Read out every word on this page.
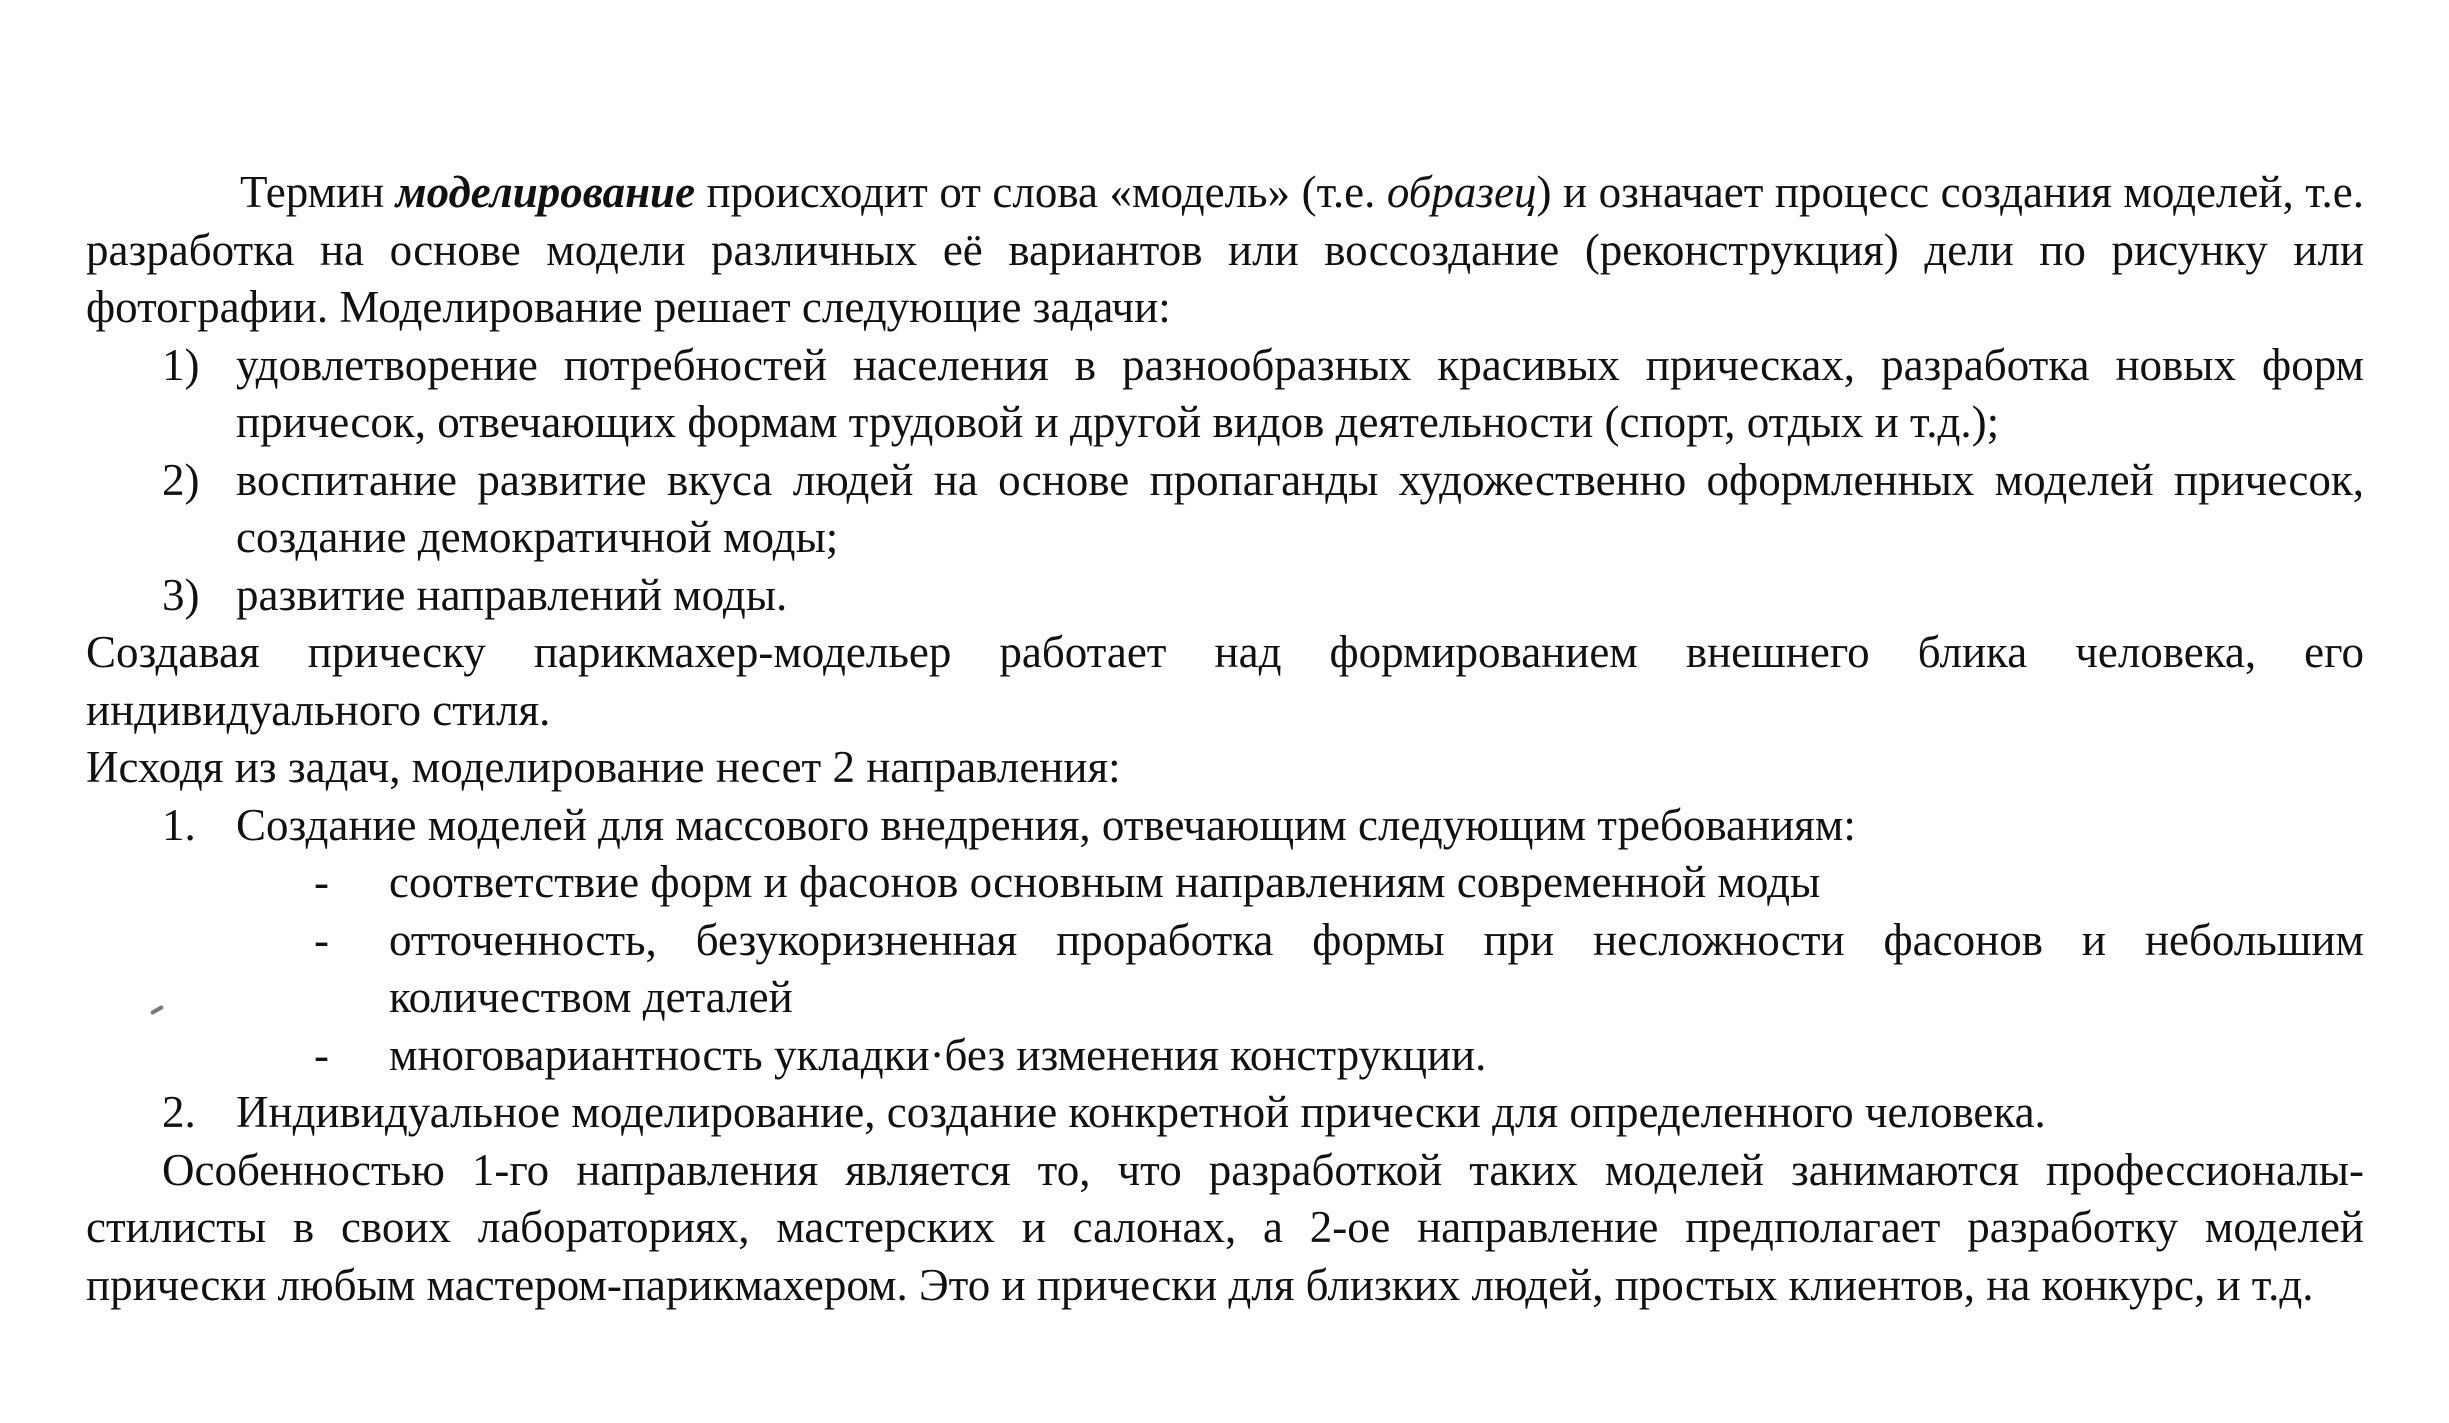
Термин моделирование происходит от слова «модель» (т.е. образец) и означает процесс создания моделей, т.е. разработка на основе модели различных её вариантов или воссоздание (реконструкция) дели по рисунку или фотографии. Моделирование решает следующие задачи:

1) удовлетворение потребностей населения в разнообразных красивых прическах, разработка новых форм причесок, отвечающих формам трудовой и другой видов деятельности (спорт, отдых и т.д.);
2) воспитание развитие вкуса людей на основе пропаганды художественно оформленных моделей причесок, создание демократичной моды;
3) развитие направлений моды.

Создавая прическу парикмахер-модельер работает над формированием внешнего блика человека, его индивидуального стиля.

Исходя из задач, моделирование несет 2 направления:

1. Создание моделей для массового внедрения, отвечающим следующим требованиям:
- соответствие форм и фасонов основным направлениям современной моды
- отточенность, безукоризненная проработка формы при несложности фасонов и небольшим количеством деталей
- многовариантность укладки·без изменения конструкции.
2. Индивидуальное моделирование, создание конкретной прически для определенного человека.

Особенностью 1-го направления является то, что разработкой таких моделей занимаются профессионалы-стилисты в своих лабораториях, мастерских и салонах, а 2-ое направление предполагает разработку моделей прически любым мастером-парикмахером. Это и прически для близких людей, простых клиентов, на конкурс, и т.д.
